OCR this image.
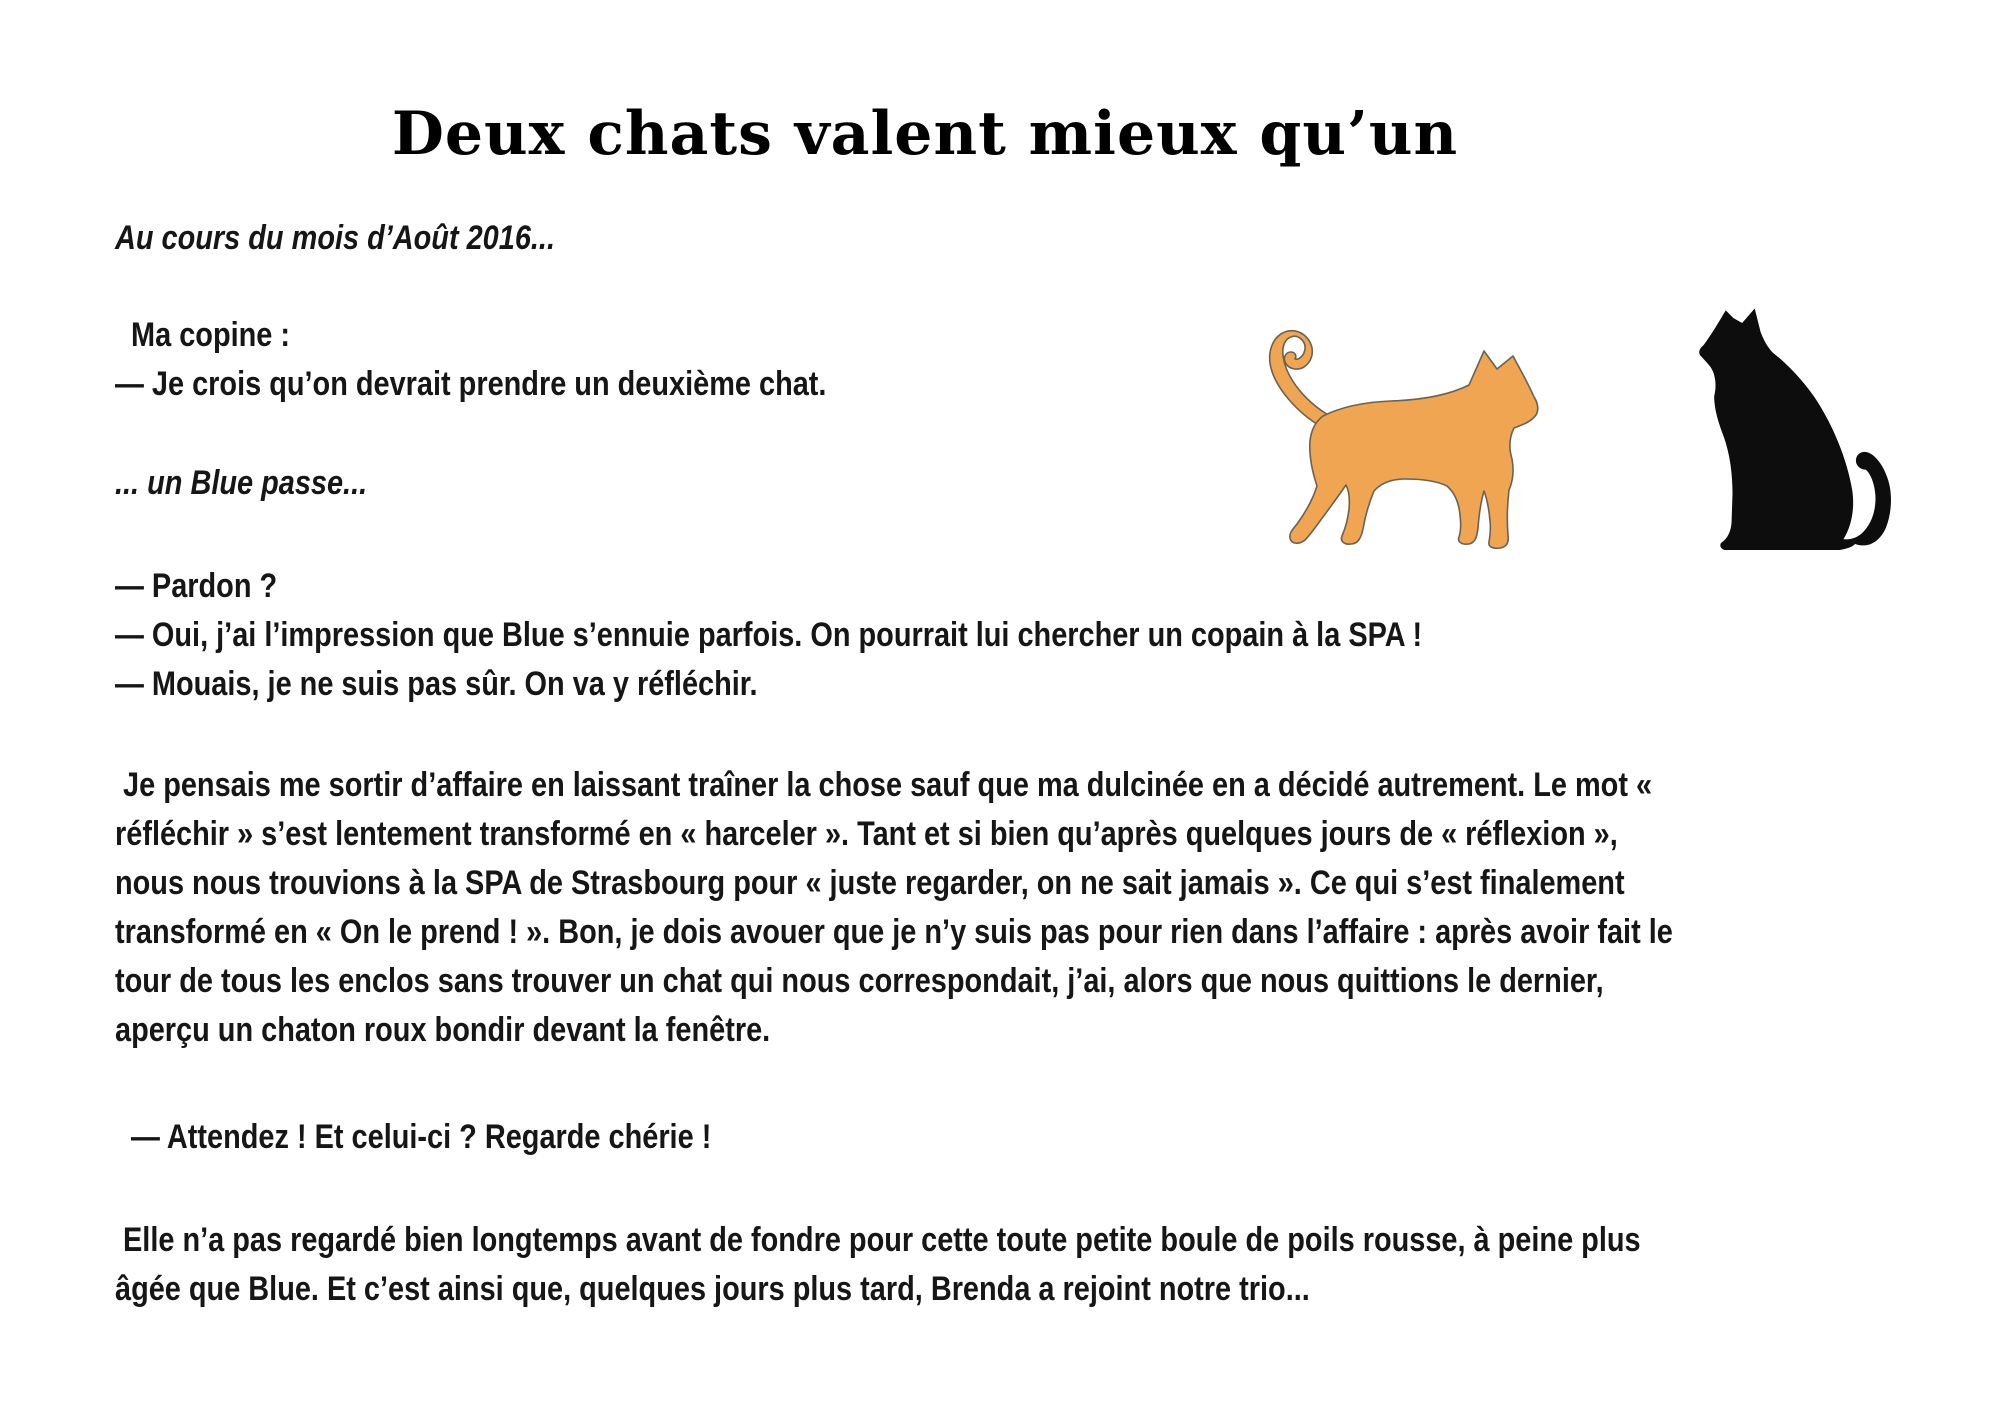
Deux chats valent mieux qu’un
Au cours du mois d’Août 2016...
Ma copine :
— Je crois qu’on devrait prendre un deuxième chat.
... un Blue passe...
— Pardon ?
— Oui, j’ai l’impression que Blue s’ennuie parfois. On pourrait lui chercher un copain à la SPA !
— Mouais, je ne suis pas sûr. On va y réfléchir.
Je pensais me sortir d’affaire en laissant traîner la chose sauf que ma dulcinée en a décidé autrement. Le mot «
réfléchir » s’est lentement transformé en « harceler ». Tant et si bien qu’après quelques jours de « réflexion »,
nous nous trouvions à la SPA de Strasbourg pour « juste regarder, on ne sait jamais ». Ce qui s’est finalement
transformé en « On le prend ! ». Bon, je dois avouer que je n’y suis pas pour rien dans l’affaire : après avoir fait le
tour de tous les enclos sans trouver un chat qui nous correspondait, j’ai, alors que nous quittions le dernier,
aperçu un chaton roux bondir devant la fenêtre.
— Attendez ! Et celui-ci ? Regarde chérie !
Elle n’a pas regardé bien longtemps avant de fondre pour cette toute petite boule de poils rousse, à peine plus
âgée que Blue. Et c’est ainsi que, quelques jours plus tard, Brenda a rejoint notre trio...
